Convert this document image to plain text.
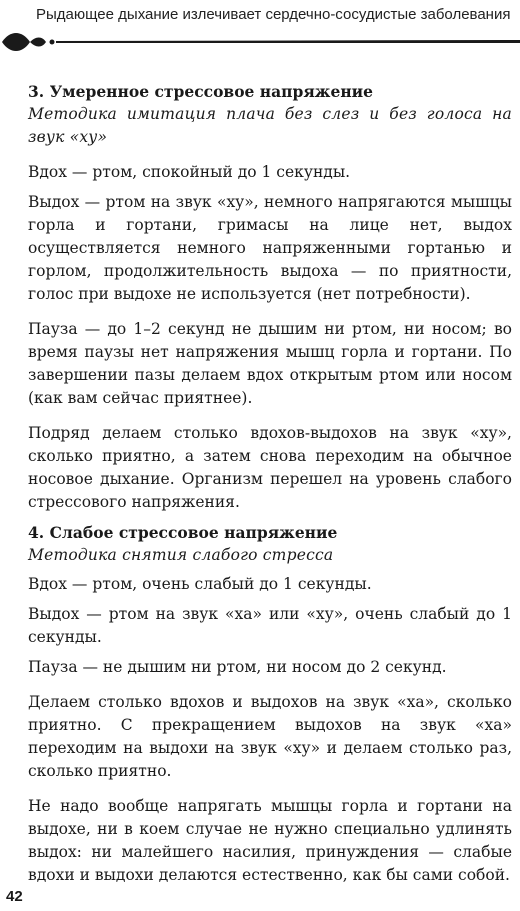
Рыдающее дыхание излечивает сердечно-сосудистые заболевания
3. Умеренное стрессовое напряжение
Методика имитация плача без слез и без голоса на звук «ху»

Вдох — ртом, спокойный до 1 секунды.

Выдох — ртом на звук «ху», немного напрягаются мышцы горла и гортани, гримасы на лице нет, выдох осуществляется немного напряженными гортанью и горлом, продолжительность выдоха — по приятности, голос при выдохе не используется (нет потребности).

Пауза — до 1–2 секунд не дышим ни ртом, ни носом; во время паузы нет напряжения мышц горла и гортани. По завершении пазы делаем вдох открытым ртом или носом (как вам сейчас приятнее).

Подряд делаем столько вдохов-выдохов на звук «ху», сколько приятно, а затем снова переходим на обычное носовое дыхание. Организм перешел на уровень слабого стрессового напряжения.

4. Слабое стрессовое напряжение
Методика снятия слабого стресса

Вдох — ртом, очень слабый до 1 секунды.

Выдох — ртом на звук «ха» или «ху», очень слабый до 1 секунды.

Пауза — не дышим ни ртом, ни носом до 2 секунд.

Делаем столько вдохов и выдохов на звук «ха», сколько приятно. С прекращением выдохов на звук «ха» переходим на выдохи на звук «ху» и делаем столько раз, сколько приятно.

Не надо вообще напрягать мышцы горла и гортани на выдохе, ни в коем случае не нужно специально удлинять выдох: ни малейшего насилия, принуждения — слабые вдохи и выдохи делаются естественно, как бы сами собой.

42
